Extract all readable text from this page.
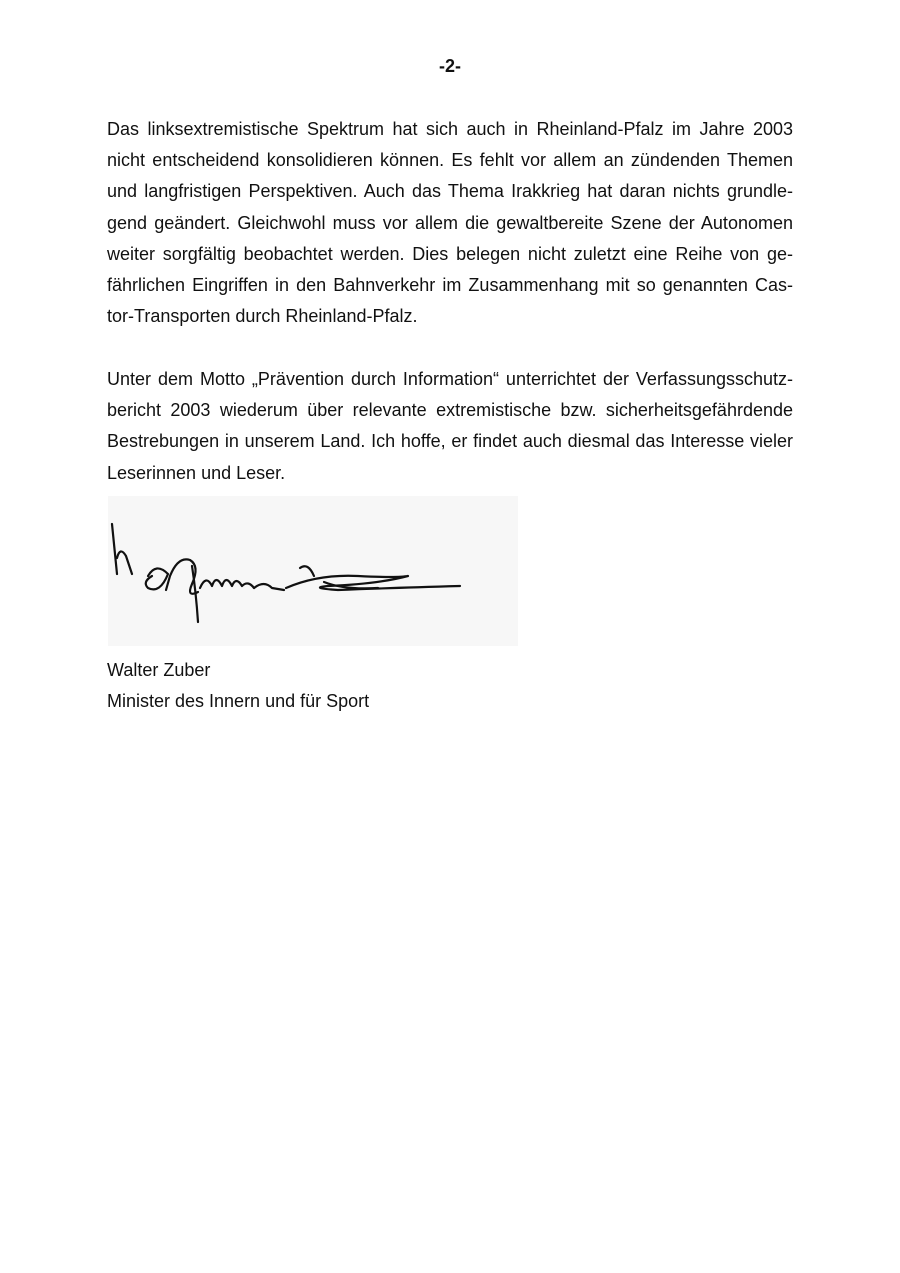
-2-

Das linksextremistische Spektrum hat sich auch in Rheinland-Pfalz im Jahre 2003 nicht entscheidend konsolidieren können. Es fehlt vor allem an zündenden Themen und langfristigen Perspektiven. Auch das Thema Irakkrieg hat daran nichts grundlegend geändert. Gleichwohl muss vor allem die gewaltbereite Szene der Autonomen weiter sorgfältig beobachtet werden. Dies belegen nicht zuletzt eine Reihe von gefährlichen Eingriffen in den Bahnverkehr im Zusammenhang mit so genannten Castor-Transporten durch Rheinland-Pfalz.

Unter dem Motto „Prävention durch Information“ unterrichtet der Verfassungsschutzbericht 2003 wiederum über relevante extremistische bzw. sicherheitsgefährdende Bestrebungen in unserem Land. Ich hoffe, er findet auch diesmal das Interesse vieler Leserinnen und Leser.

Walter Zuber
Minister des Innern und für Sport
